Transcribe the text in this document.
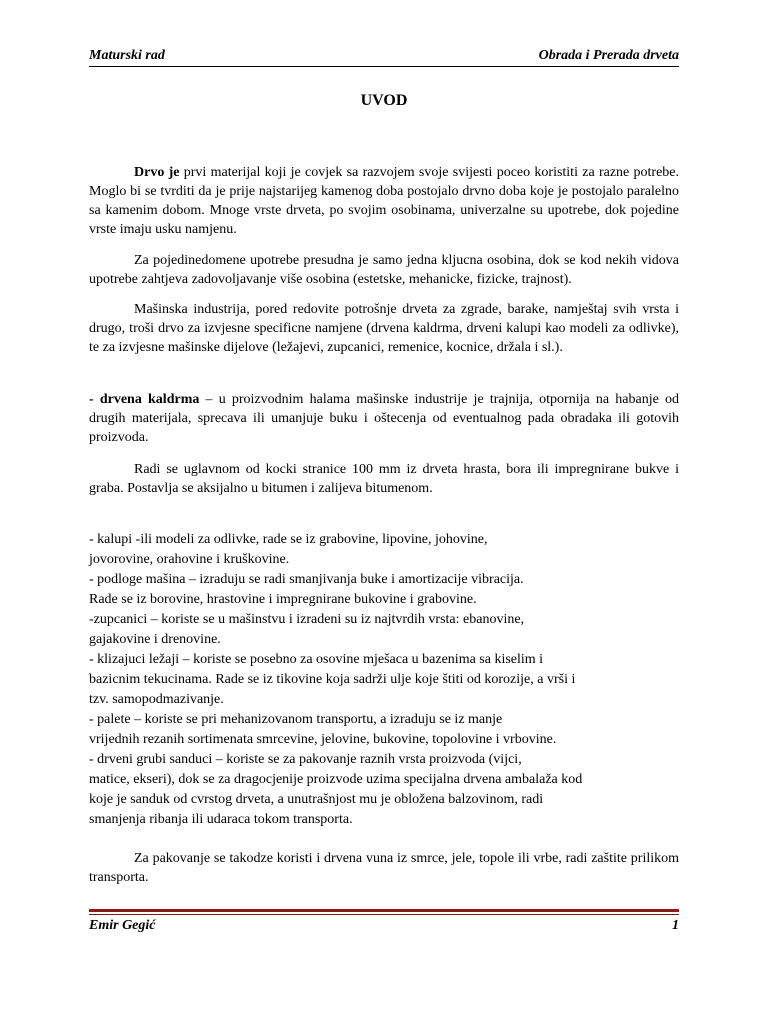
Maturski rad	Obrada i Prerada drveta
UVOD

Drvo je prvi materijal koji je covjek sa razvojem svoje svijesti poceo koristiti za razne potrebe. Moglo bi se tvrditi da je prije najstarijeg kamenog doba postojalo drvno doba koje je postojalo paralelno sa kamenim dobom. Mnoge vrste drveta, po svojim osobinama, univerzalne su upotrebe, dok pojedine vrste imaju usku namjenu.

Za pojedinedomene upotrebe presudna je samo jedna kljucna osobina, dok se kod nekih vidova upotrebe zahtjeva zadovoljavanje više osobina (estetske, mehanicke, fizicke, trajnost).

Mašinska industrija, pored redovite potrošnje drveta za zgrade, barake, namještaj svih vrsta i drugo, troši drvo za izvjesne specificne namjene (drvena kaldrma, drveni kalupi kao modeli za odlivke), te za izvjesne mašinske dijelove (ležajevi, zupcanici, remenice, kocnice, držala i sl.).

- drvena kaldrma – u proizvodnim halama mašinske industrije je trajnija, otpornija na habanje od drugih materijala, sprecava ili umanjuje buku i oštecenja od eventualnog pada obradaka ili gotovih proizvoda.

Radi se uglavnom od kocki stranice 100 mm iz drveta hrasta, bora ili impregnirane bukve i graba. Postavlja se aksijalno u bitumen i zalijeva bitumenom.

- kalupi -ili modeli za odlivke, rade se iz grabovine, lipovine, johovine,
jovorovine, orahovine i kruškovine.
- podloge mašina – izraduju se radi smanjivanja buke i amortizacije vibracija.
Rade se iz borovine, hrastovine i impregnirane bukovine i grabovine.
-zupcanici – koriste se u mašinstvu i izradeni su iz najtvrdih vrsta: ebanovine,
gajakovine i drenovine.
- klizajuci ležaji – koriste se posebno za osovine mješaca u bazenima sa kiselim i
bazicnim tekucinama. Rade se iz tikovine koja sadrži ulje koje štiti od korozije, a vrši i
tzv. samopodmazivanje.
- palete – koriste se pri mehanizovanom transportu, a izraduju se iz manje
vrijednih rezanih sortimenata smrcevine, jelovine, bukovine, topolovine i vrbovine.
- drveni grubi sanduci – koriste se za pakovanje raznih vrsta proizvoda (vijci,
matice, ekseri), dok se za dragocjenije proizvode uzima specijalna drvena ambalaža kod
koje je sanduk od cvrstog drveta, a unutrašnjost mu je obložena balzovinom, radi
smanjenja ribanja ili udaraca tokom transporta.

Za pakovanje se takodze koristi i drvena vuna iz smrce, jele, topole ili vrbe, radi zaštite prilikom transporta.

Emir Gegić	1
